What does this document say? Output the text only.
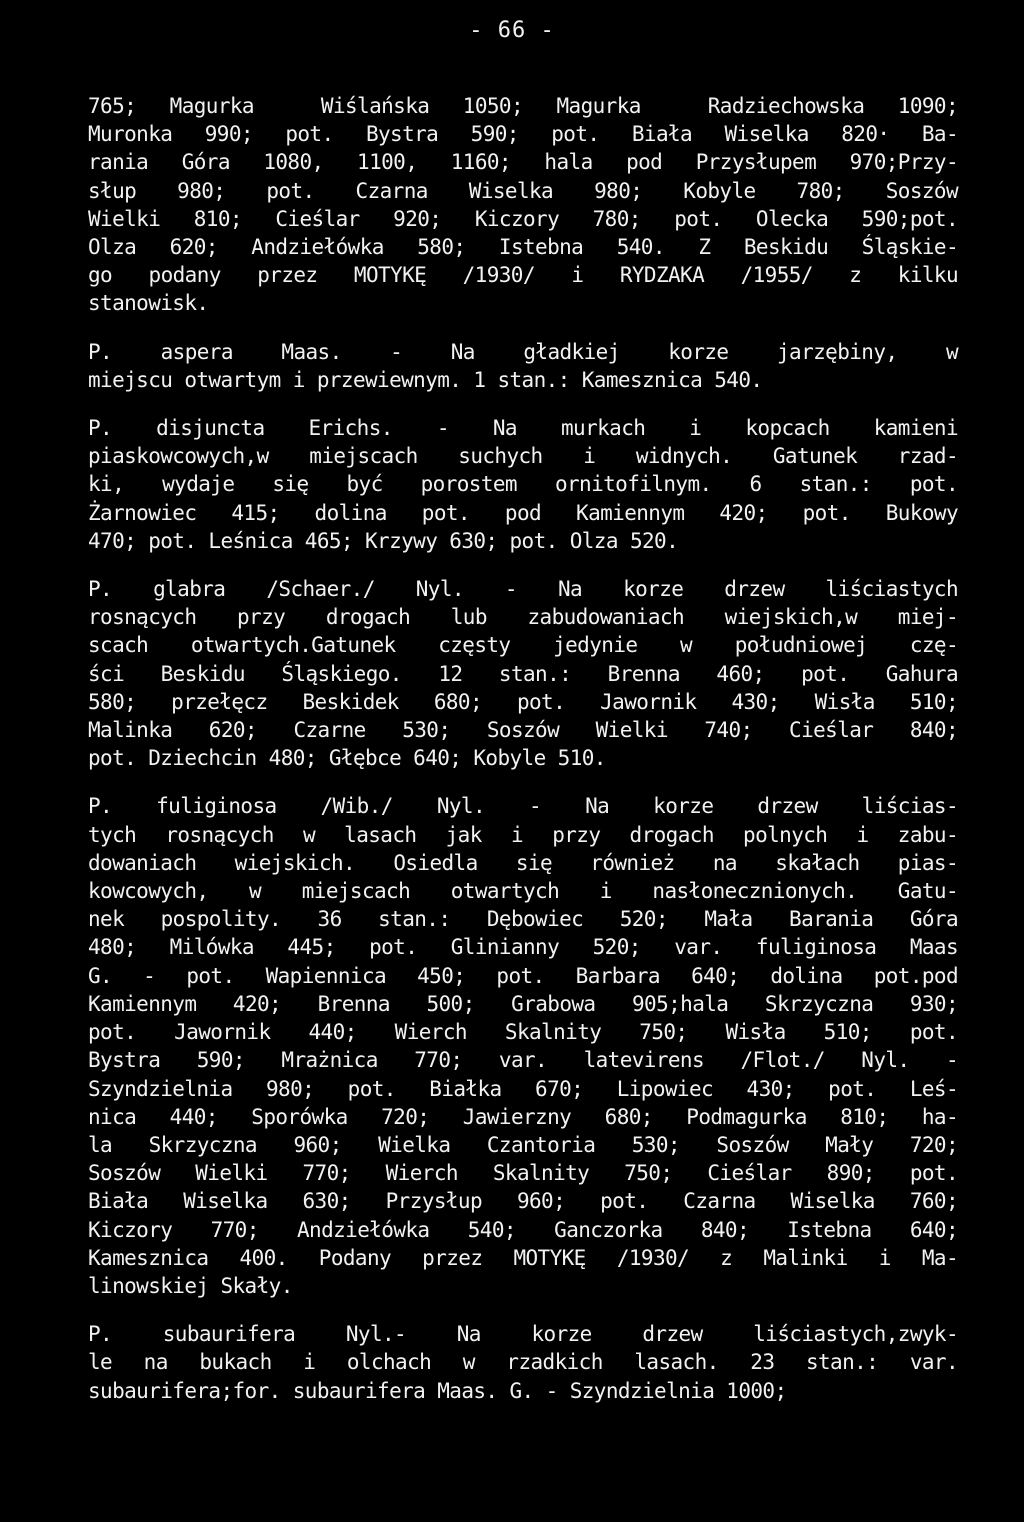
- 66 -
765; Magurka  Wiślańska 1050; Magurka  Radziechowska 1090;
Muronka 990; pot. Bystra 590; pot. Biała Wiselka 820· Ba-
rania Góra 1080, 1100, 1160; hala pod Przysłupem 970;Przy-
słup 980; pot. Czarna Wiselka 980; Kobyle 780; Soszów
Wielki 810; Cieślar 920; Kiczory 780; pot. Olecka 590;pot.
Olza 620; Andziełówka 580; Istebna 540. Z Beskidu Śląskie-
go podany przez MOTYKĘ /1930/ i RYDZAKA /1955/ z kilku
stanowisk.
P. aspera Maas. - Na gładkiej korze jarzębiny, w
miejscu otwartym i przewiewnym. 1 stan.: Kamesznica 540.
P. disjuncta Erichs. - Na murkach i kopcach kamieni
piaskowcowych,w miejscach suchych i widnych. Gatunek rzad-
ki, wydaje się być porostem ornitofilnym. 6 stan.: pot.
Żarnowiec 415; dolina pot. pod Kamiennym 420; pot. Bukowy
470; pot. Leśnica 465; Krzywy 630; pot. Olza 520.
P. glabra /Schaer./ Nyl. - Na korze drzew liściastych
rosnących przy drogach lub zabudowaniach wiejskich,w miej-
scach otwartych.Gatunek częsty jedynie w południowej czę-
ści Beskidu Śląskiego. 12 stan.: Brenna 460; pot. Gahura
580; przełęcz Beskidek 680; pot. Jawornik 430; Wisła 510;
Malinka 620; Czarne 530; Soszów Wielki 740; Cieślar 840;
pot. Dziechcin 480; Głębce 640; Kobyle 510.
P. fuliginosa /Wib./ Nyl. - Na korze drzew liścias-
tych rosnących w lasach jak i przy drogach polnych i zabu-
dowaniach wiejskich. Osiedla się również na skałach pias-
kowcowych, w miejscach otwartych i nasłonecznionych. Gatu-
nek pospolity. 36 stan.: Dębowiec 520; Mała Barania Góra
480; Milówka 445; pot. Glinianny 520; var. fuliginosa Maas
G. - pot. Wapiennica 450; pot. Barbara 640; dolina pot.pod
Kamiennym 420; Brenna 500; Grabowa 905;hala Skrzyczna 930;
pot. Jawornik 440; Wierch Skalnity 750; Wisła 510; pot.
Bystra 590; Mrażnica 770; var. latevirens /Flot./ Nyl. -
Szyndzielnia 980; pot. Białka 670; Lipowiec 430; pot. Leś-
nica 440; Sporówka 720; Jawierzny 680; Podmagurka 810; ha-
la Skrzyczna 960; Wielka Czantoria 530; Soszów Mały 720;
Soszów Wielki 770; Wierch Skalnity 750; Cieślar 890; pot.
Biała Wiselka 630; Przysłup 960; pot. Czarna Wiselka 760;
Kiczory 770; Andziełówka 540; Ganczorka 840; Istebna 640;
Kamesznica 400. Podany przez MOTYKĘ /1930/ z Malinki i Ma-
linowskiej Skały.
P. subaurifera Nyl.- Na korze drzew liściastych,zwyk-
le na bukach i olchach w rzadkich lasach. 23 stan.: var.
subaurifera;for. subaurifera Maas. G. - Szyndzielnia 1000;
